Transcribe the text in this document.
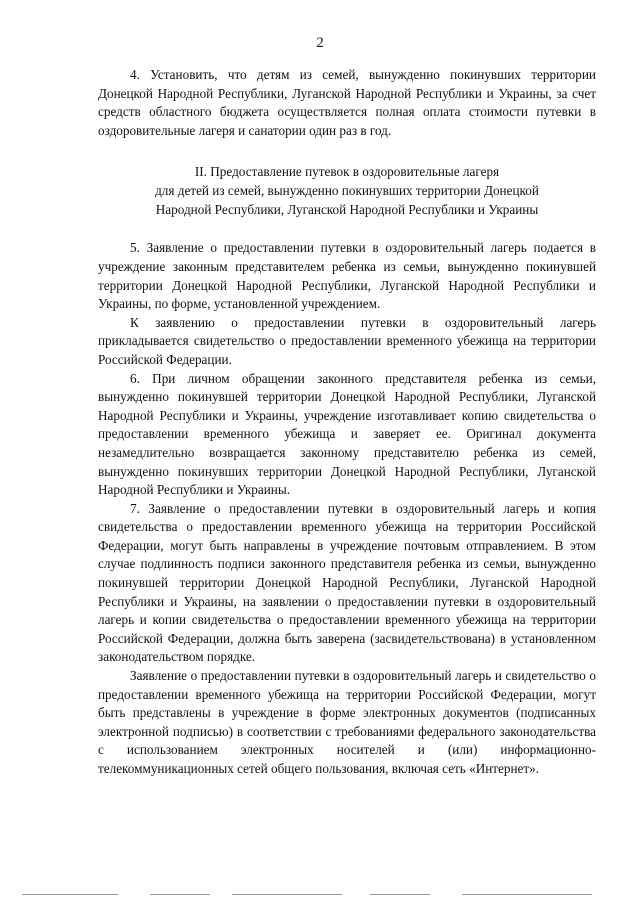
2

4. Установить, что детям из семей, вынужденно покинувших территории Донецкой Народной Республики, Луганской Народной Республики и Украины, за счет средств областного бюджета осуществляется полная оплата стоимости путевки в оздоровительные лагеря и санатории один раз в год.

II. Предоставление путевок в оздоровительные лагеря

для детей из семей, вынужденно покинувших территории Донецкой

Народной Республики, Луганской Народной Республики и Украины

5. Заявление о предоставлении путевки в оздоровительный лагерь подается в учреждение законным представителем ребенка из семьи, вынужденно покинувшей территории Донецкой Народной Республики, Луганской Народной Республики и Украины, по форме, установленной учреждением.

К заявлению о предоставлении путевки в оздоровительный лагерь прикладывается свидетельство о предоставлении временного убежища на территории Российской Федерации.

6. При личном обращении законного представителя ребенка из семьи, вынужденно покинувшей территории Донецкой Народной Республики, Луганской Народной Республики и Украины, учреждение изготавливает копию свидетельства о предоставлении временного убежища и заверяет ее. Оригинал документа незамедлительно возвращается законному представителю ребенка из семей, вынужденно покинувших территории Донецкой Народной Республики, Луганской Народной Республики и Украины.

7. Заявление о предоставлении путевки в оздоровительный лагерь и копия свидетельства о предоставлении временного убежища на территории Российской Федерации, могут быть направлены в учреждение почтовым отправлением. В этом случае подлинность подписи законного представителя ребенка из семьи, вынужденно покинувшей территории Донецкой Народной Республики, Луганской Народной Республики и Украины, на заявлении о предоставлении путевки в оздоровительный лагерь и копии свидетельства о предоставлении временного убежища на территории Российской Федерации, должна быть заверена (засвидетельствована) в установленном законодательством порядке.

Заявление о предоставлении путевки в оздоровительный лагерь и свидетельство о предоставлении временного убежища на территории Российской Федерации, могут быть представлены в учреждение в форме электронных документов (подписанных электронной подписью) в соответствии с требованиями федерального законодательства с использованием электронных носителей и (или) информационно-телекоммуникационных сетей общего пользования, включая сеть «Интернет».
